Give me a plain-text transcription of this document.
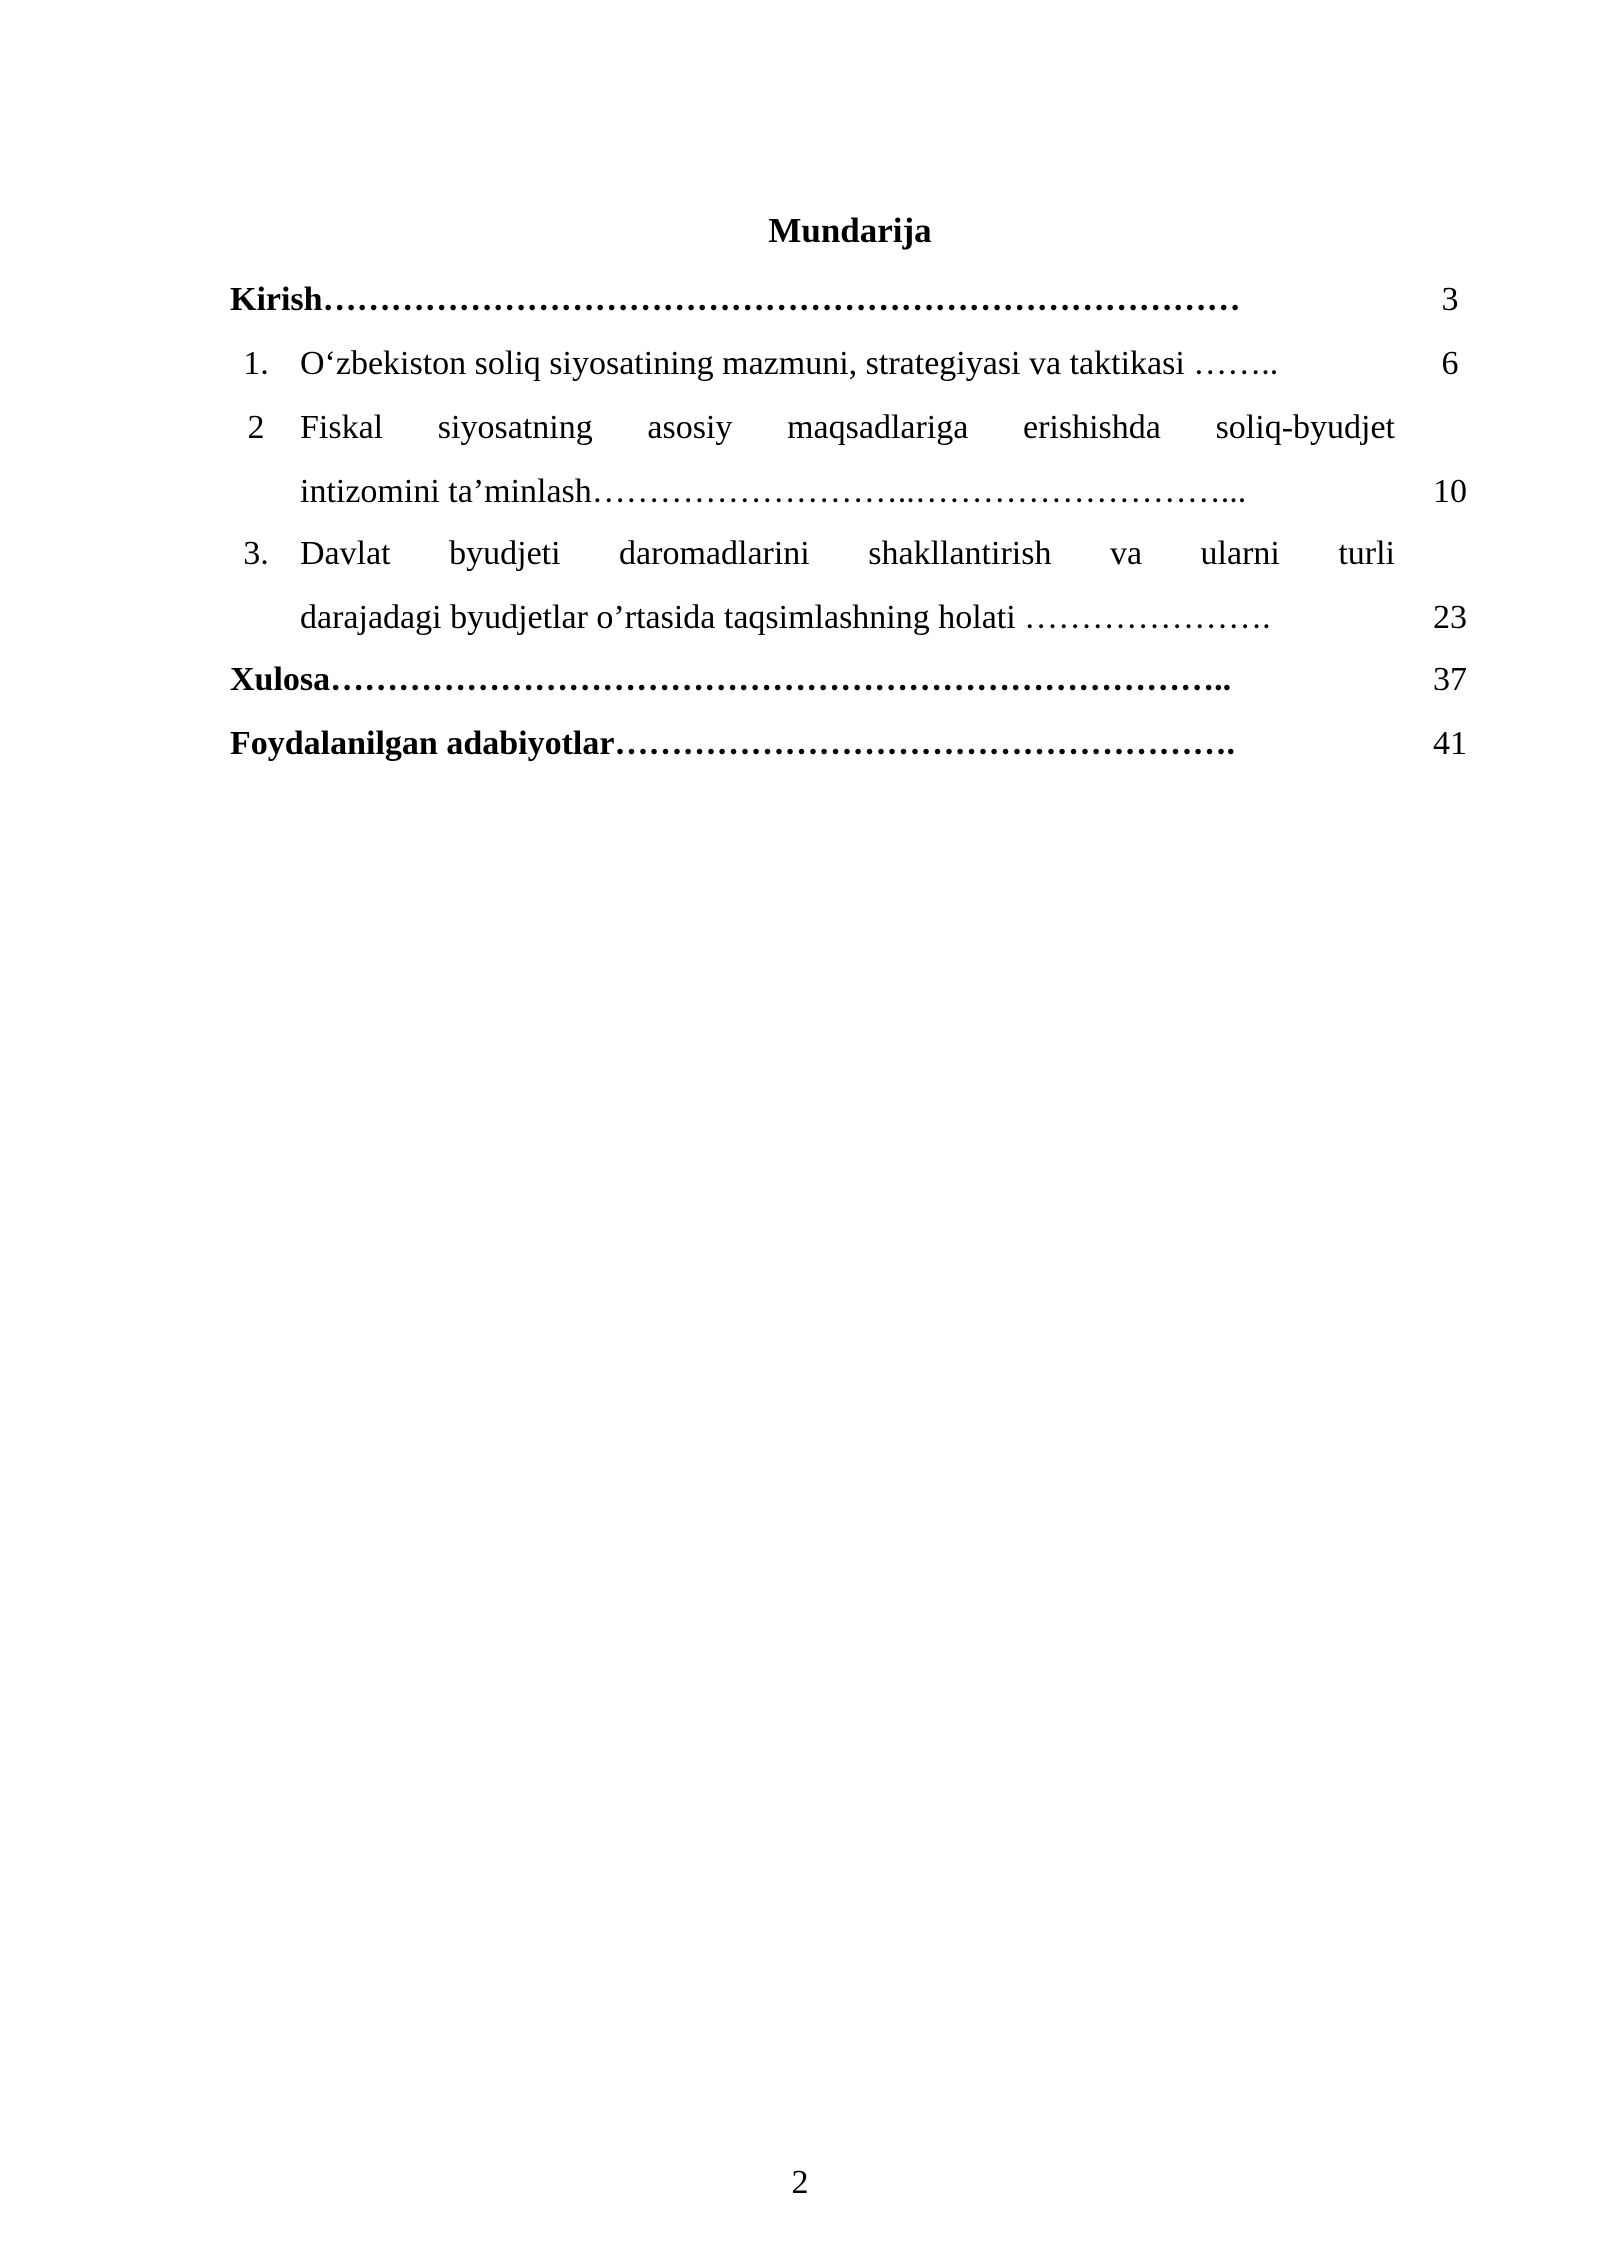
Mundarija
Kirish………………………………………………………………………	3
1. O‘zbekiston soliq siyosatining mazmuni, strategiyasi va taktikasi ……..	6
2	Fiskal siyosatning asosiy maqsadlariga erishishda soliq-byudjet
intizomini ta’minlash………………………..………………………...	10
3. Davlat byudjeti daromadlarini shakllantirish va ularni turli
darajadagi byudjetlar o’rtasida taqsimlashning holati ………………….	23
Xulosa……………………………………………………………………..	37
Foydalanilgan adabiyotlar……………………………………………….	41
2
